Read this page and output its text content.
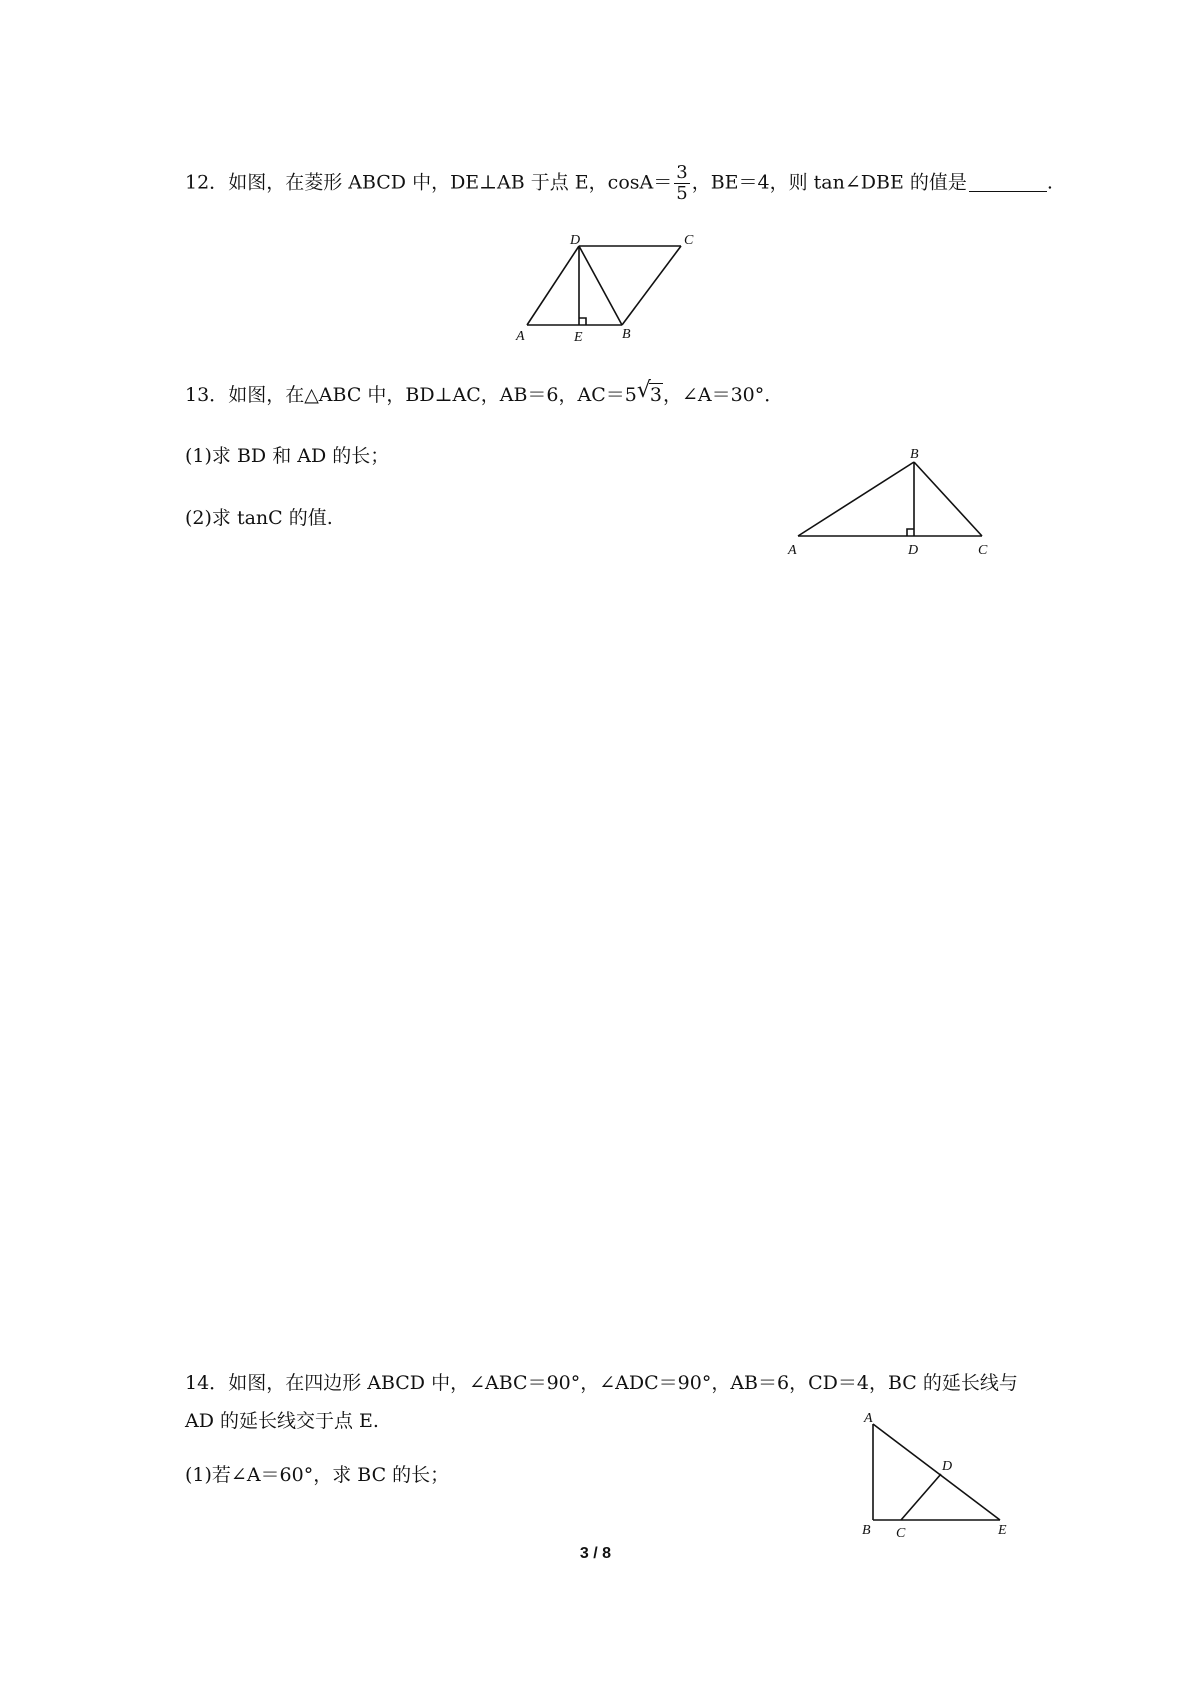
12．如图，在菱形 ABCD 中，DE⊥AB 于点 E，$\cos A= \frac{3}{5}$ ，BE＝4，则 tan∠DBE 的值是	.
A	E	B
D	C
13．如图，在△ABC 中，BD⊥AC，AB＝6，AC＝5 √
3，∠A＝30°．
(1)求 BD 和 AD 的长；
(2)求 tanC 的值.
A	D	C
B
14．如图，在四边形 ABCD 中，∠ABC＝90°，∠ADC＝90°，AB＝6，CD＝4，BC 的延长线与
AD 的延长线交于点 E.
(1)若∠A＝60°，求 BC 的长；
A
D
B C	E
3 / 8
